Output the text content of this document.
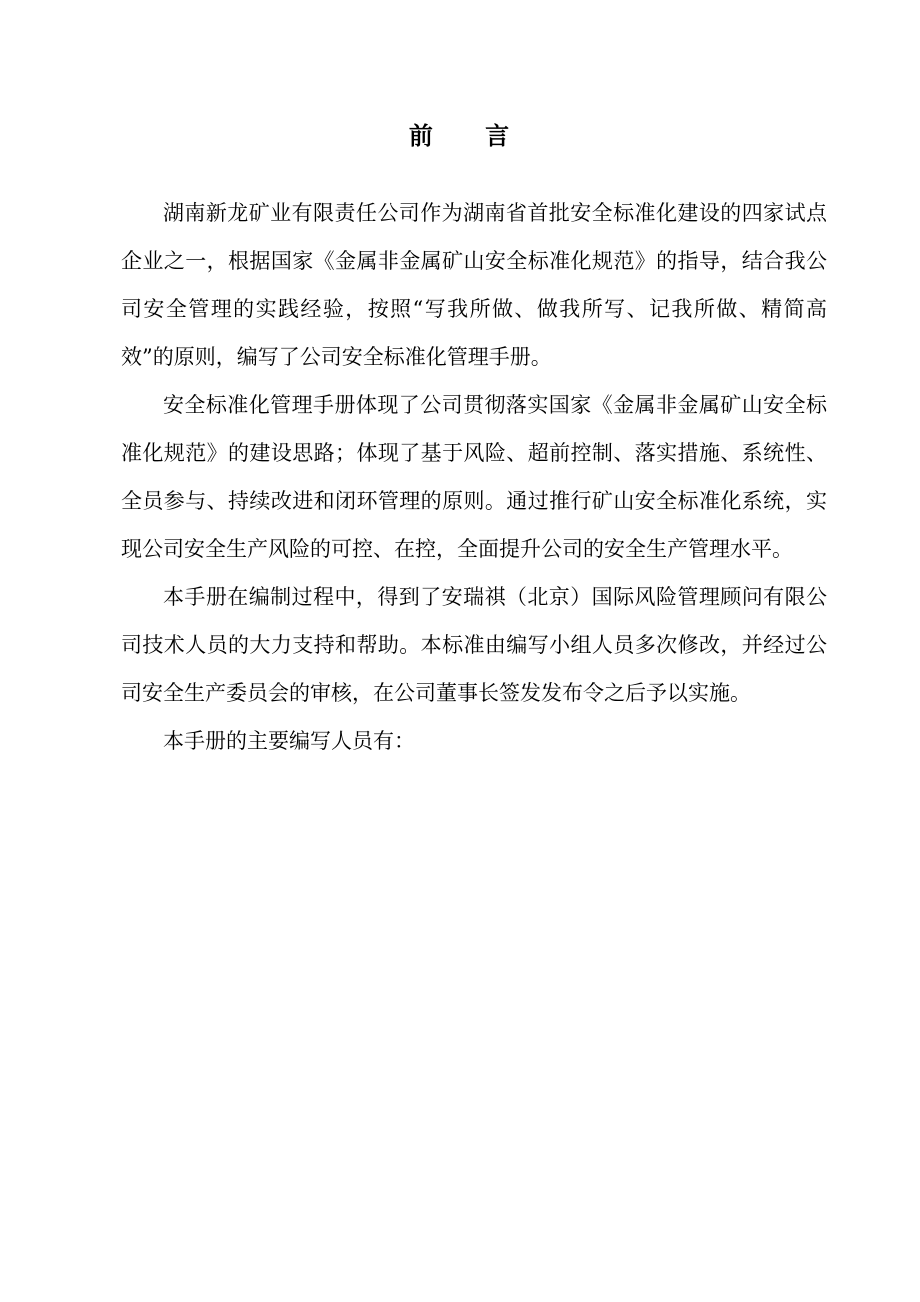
前 言

湖南新龙矿业有限责任公司作为湖南省首批安全标准化建设的四家试点企业之一，根据国家《金属非金属矿山安全标准化规范》的指导，结合我公司安全管理的实践经验，按照“写我所做、做我所写、记我所做、精简高效”的原则，编写了公司安全标准化管理手册。

安全标准化管理手册体现了公司贯彻落实国家《金属非金属矿山安全标准化规范》的建设思路；体现了基于风险、超前控制、落实措施、系统性、全员参与、持续改进和闭环管理的原则。通过推行矿山安全标准化系统，实现公司安全生产风险的可控、在控，全面提升公司的安全生产管理水平。

本手册在编制过程中，得到了安瑞祺（北京）国际风险管理顾问有限公司技术人员的大力支持和帮助。本标准由编写小组人员多次修改，并经过公司安全生产委员会的审核，在公司董事长签发发布令之后予以实施。

本手册的主要编写人员有：
